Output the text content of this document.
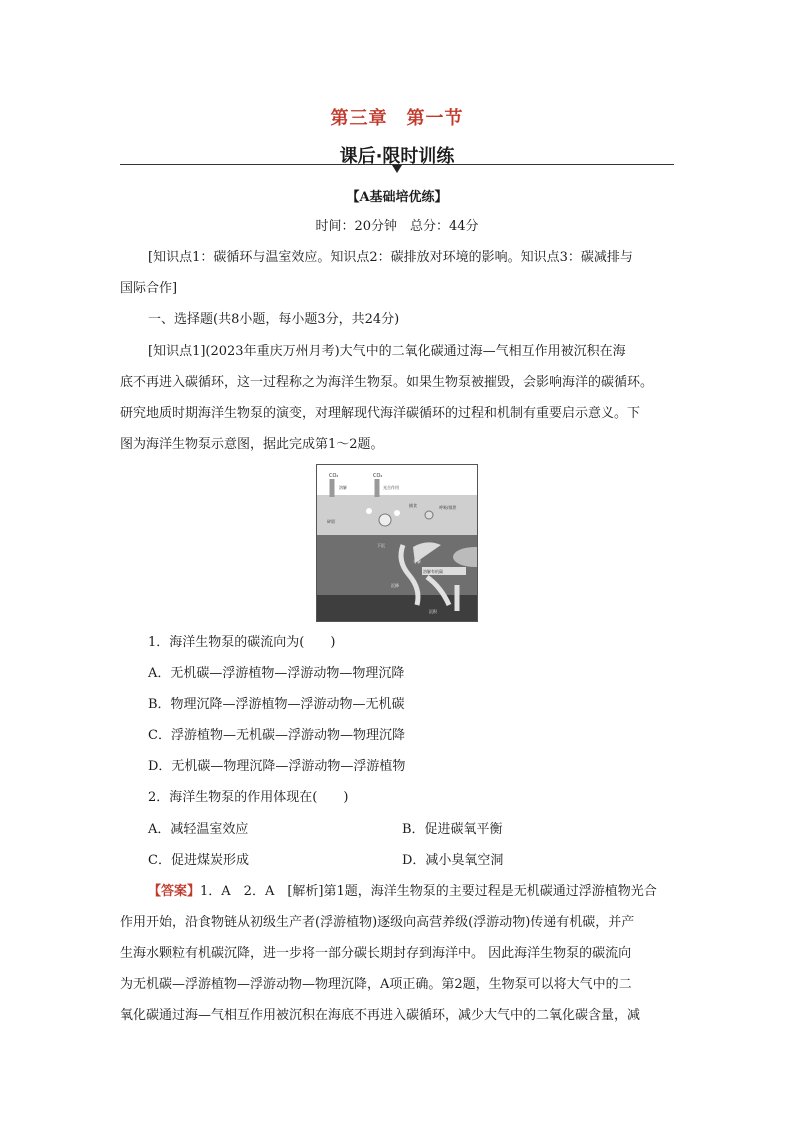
第三章　第一节
课后·限时训练
【A基础培优练】
时间：20分钟　总分：44分
[知识点1：碳循环与温室效应。知识点2：碳排放对环境的影响。知识点3：碳减排与
国际合作]
一、选择题(共8小题，每小题3分，共24分)
[知识点1](2023年重庆万州月考)大气中的二氧化碳通过海—气相互作用被沉积在海
底不再进入碳循环，这一过程称之为海洋生物泵。如果生物泵被摧毁，会影响海洋的碳循环。
研究地质时期海洋生物泵的演变，对理解现代海洋碳循环的过程和机制有重要启示意义。下
图为海洋生物泵示意图，据此完成第1～2题。
CO₂	CO₂
溶解	光合作用
碎屑
捕食	呼吸/排泄
下沉
分解
沉降
溶解有机碳
沉积
1．海洋生物泵的碳流向为(　　)
A．无机碳—浮游植物—浮游动物—物理沉降
B．物理沉降—浮游植物—浮游动物—无机碳
C．浮游植物—无机碳—浮游动物—物理沉降
D．无机碳—物理沉降—浮游动物—浮游植物
2．海洋生物泵的作用体现在(　　)
A．减轻温室效应	B．促进碳氧平衡
C．促进煤炭形成	D．减小臭氧空洞
【答案】1．A　2．A　[解析]第1题，海洋生物泵的主要过程是无机碳通过浮游植物光合
作用开始，沿食物链从初级生产者(浮游植物)逐级向高营养级(浮游动物)传递有机碳，并产
生海水颗粒有机碳沉降，进一步将一部分碳长期封存到海洋中。 因此海洋生物泵的碳流向
为无机碳—浮游植物—浮游动物—物理沉降，A项正确。第2题，生物泵可以将大气中的二
氧化碳通过海—气相互作用被沉积在海底不再进入碳循环，减少大气中的二氧化碳含量，减
